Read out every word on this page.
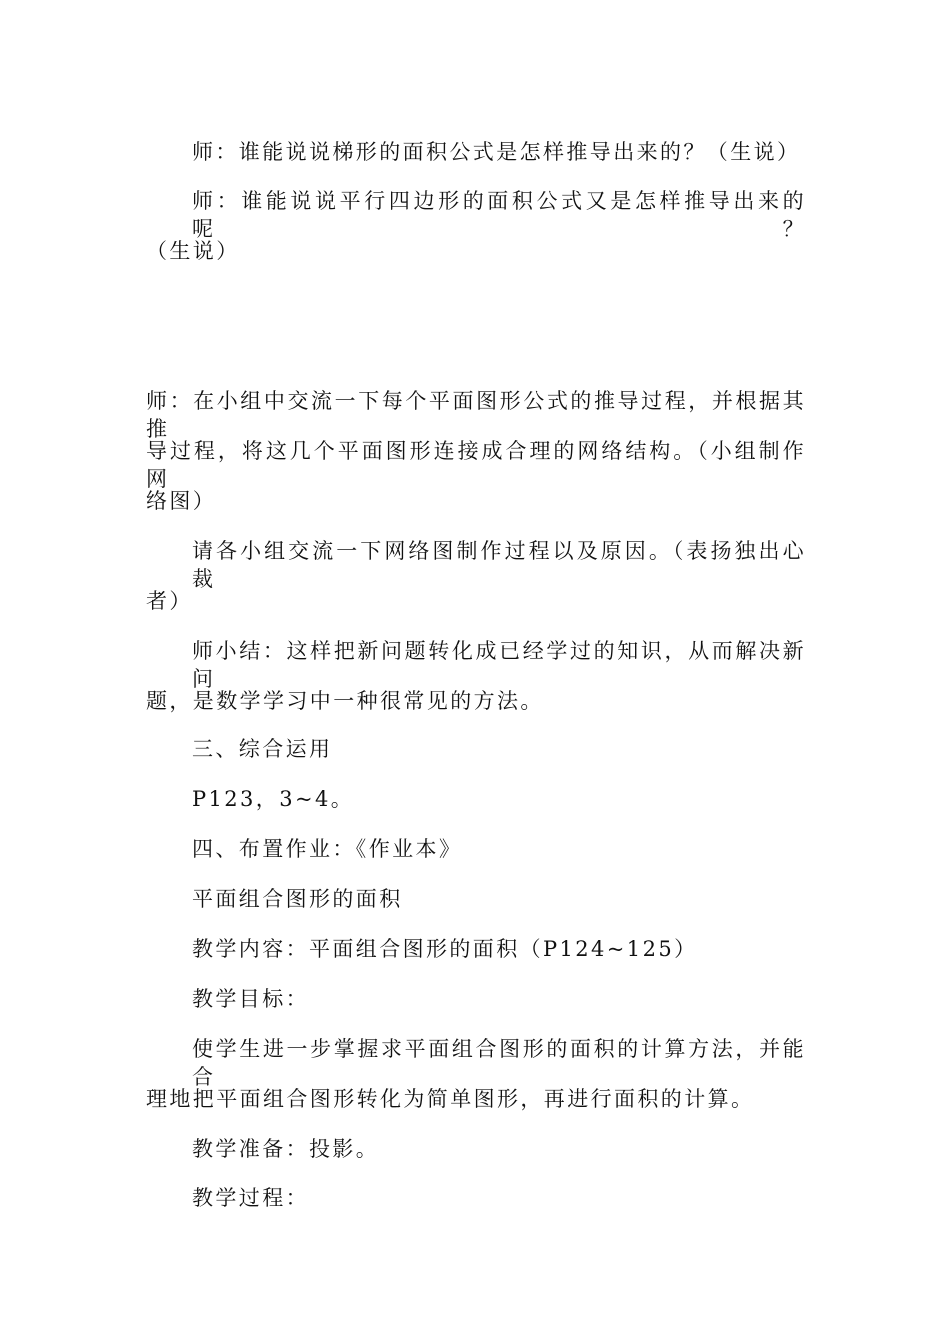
师：谁能说说梯形的面积公式是怎样推导出来的？（生说）
师：谁能说说平行四边形的面积公式又是怎样推导出来的呢？
（生说）
师：在小组中交流一下每个平面图形公式的推导过程，并根据其推
导过程，将这几个平面图形连接成合理的网络结构。（小组制作网
络图）
请各小组交流一下网络图制作过程以及原因。（表扬独出心裁
者）
师小结：这样把新问题转化成已经学过的知识，从而解决新问
题，是数学学习中一种很常见的方法。
三、综合运用
P123，3~4。
四、布置作业：《作业本》
平面组合图形的面积
教学内容：平面组合图形的面积（P124~125）
教学目标：
使学生进一步掌握求平面组合图形的面积的计算方法，并能合
理地把平面组合图形转化为简单图形，再进行面积的计算。
教学准备：投影。
教学过程：
